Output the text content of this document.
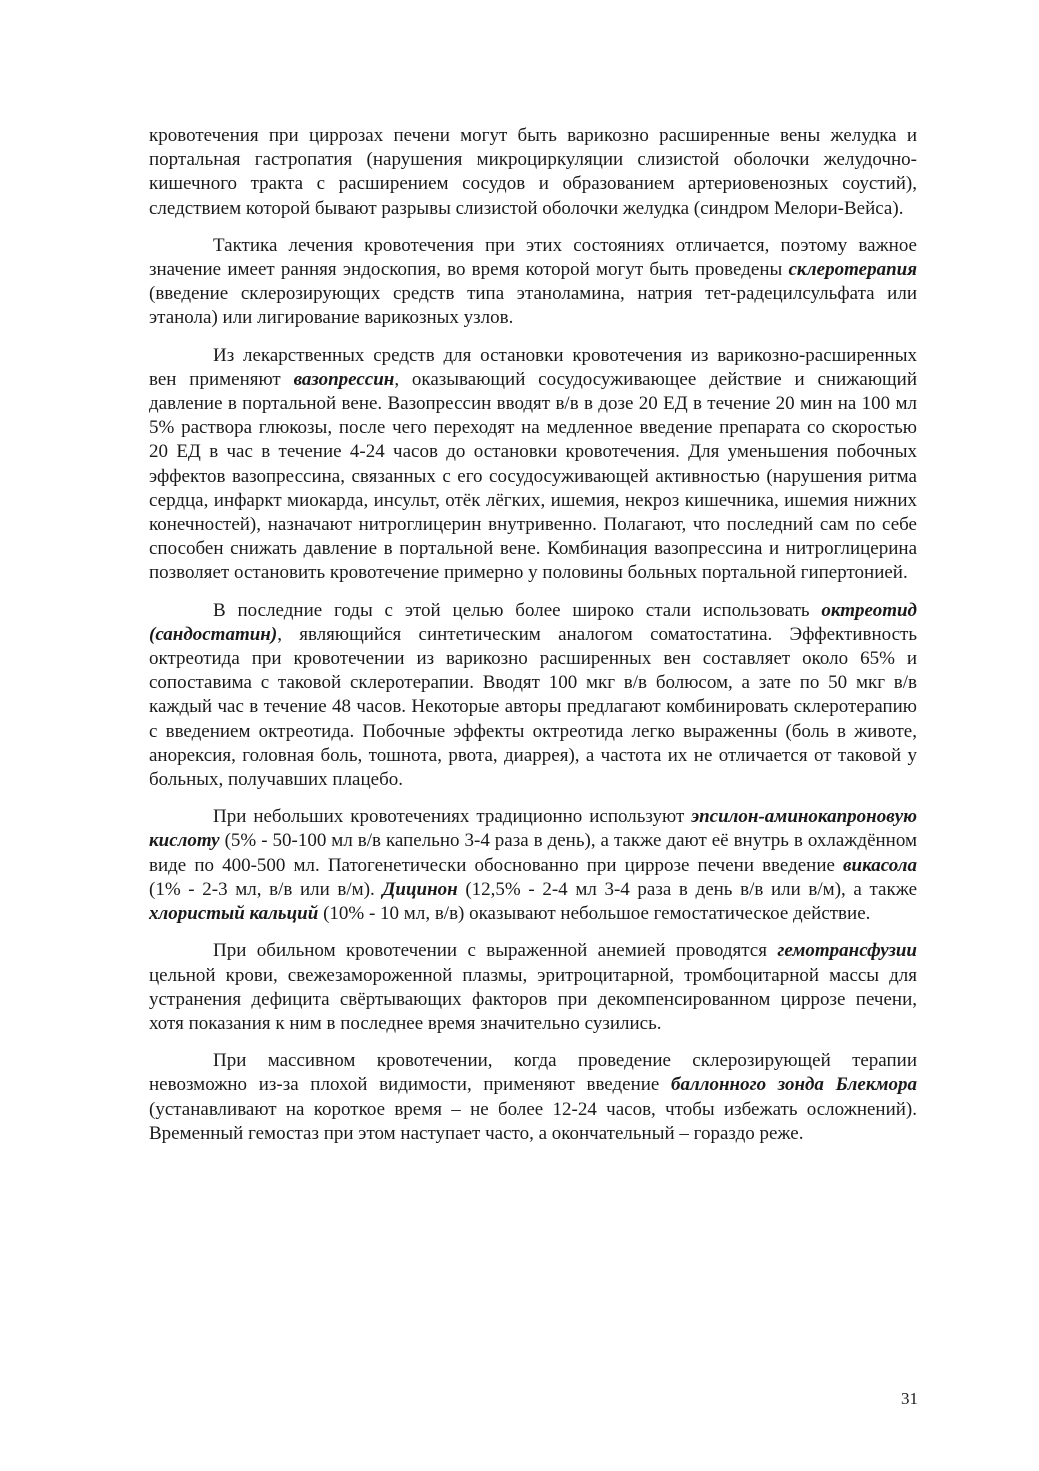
кровотечения при циррозах печени могут быть варикозно расширенные вены желудка и портальная гастропатия (нарушения микроциркуляции слизистой оболочки желудочно-кишечного тракта с расширением сосудов и образованием артериовенозных соустий), следствием которой бывают разрывы слизистой оболочки желудка (синдром Мелори-Вейса).

Тактика лечения кровотечения при этих состояниях отличается, поэтому важное значение имеет ранняя эндоскопия, во время которой могут быть проведены склеротерапия (введение склерозирующих средств типа этаноламина, натрия тет-радецилсульфата или этанола) или лигирование варикозных узлов.

Из лекарственных средств для остановки кровотечения из варикозно-расширенных вен применяют вазопрессин, оказывающий сосудосуживающее действие и снижающий давление в портальной вене. Вазопрессин вводят в/в в дозе 20 ЕД в течение 20 мин на 100 мл 5% раствора глюкозы, после чего переходят на медленное введение препарата со скоростью 20 ЕД в час в течение 4-24 часов до остановки кровотечения. Для уменьшения побочных эффектов вазопрессина, связанных с его сосудосуживающей активностью (нарушения ритма сердца, инфаркт миокарда, инсульт, отёк лёгких, ишемия, некроз кишечника, ишемия нижних конечностей), назначают нитроглицерин внутривенно. Полагают, что последний сам по себе способен снижать давление в портальной вене. Комбинация вазопрессина и нитроглицерина позволяет остановить кровотечение примерно у половины больных портальной гипертонией.

В последние годы с этой целью более широко стали использовать октреотид (сандостатин), являющийся синтетическим аналогом соматостатина. Эффективность октреотида при кровотечении из варикозно расширенных вен составляет около 65% и сопоставима с таковой склеротерапии. Вводят 100 мкг в/в болюсом, а зате по 50 мкг в/в каждый час в течение 48 часов. Некоторые авторы предлагают комбинировать склеротерапию с введением октреотида. Побочные эффекты октреотида легко выраженны (боль в животе, анорексия, головная боль, тошнота, рвота, диаррея), а частота их не отличается от таковой у больных, получавших плацебо.

При небольших кровотечениях традиционно используют эпсилон-аминокапроновую кислоту (5% - 50-100 мл в/в капельно 3-4 раза в день), а также дают её внутрь в охлаждённом виде по 400-500 мл. Патогенетически обоснованно при циррозе печени введение викасола (1% - 2-3 мл, в/в или в/м). Дицинон (12,5% - 2-4 мл 3-4 раза в день в/в или в/м), а также хлористый кальций (10% - 10 мл, в/в) оказывают небольшое гемостатическое действие.

При обильном кровотечении с выраженной анемией проводятся гемотрансфузии цельной крови, свежезамороженной плазмы, эритроцитарной, тромбоцитарной массы для устранения дефицита свёртывающих факторов при декомпенсированном циррозе печени, хотя показания к ним в последнее время значительно сузились.

При массивном кровотечении, когда проведение склерозирующей терапии невозможно из-за плохой видимости, применяют введение баллонного зонда Блекмора (устанавливают на короткое время – не более 12-24 часов, чтобы избежать осложнений). Временный гемостаз при этом наступает часто, а окончательный – гораздо реже.

31
